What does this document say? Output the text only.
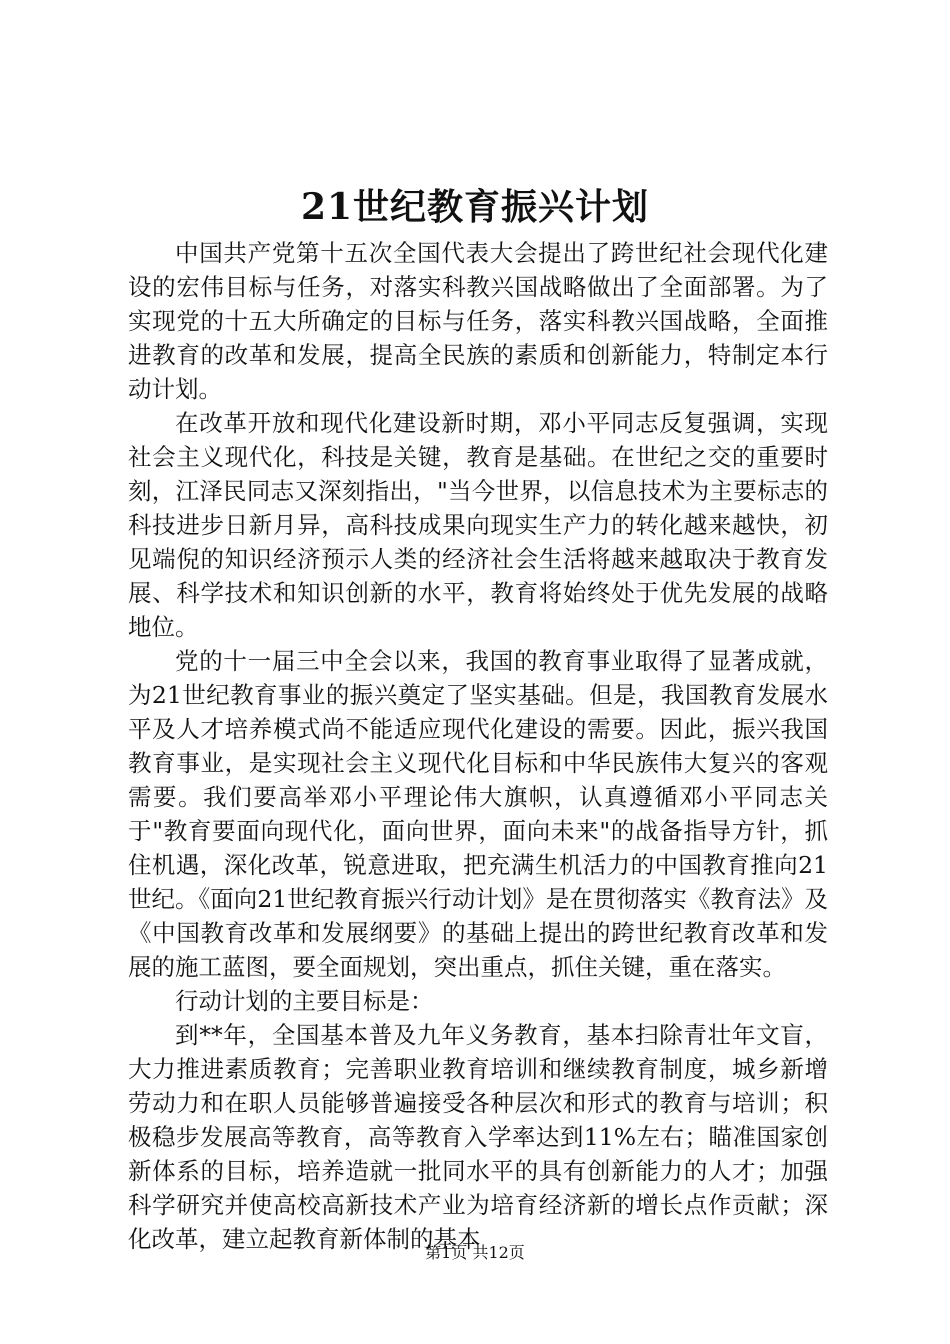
21世纪教育振兴计划

中国共产党第十五次全国代表大会提出了跨世纪社会现代化建设的宏伟目标与任务，对落实科教兴国战略做出了全面部署。为了实现党的十五大所确定的目标与任务，落实科教兴国战略，全面推进教育的改革和发展，提高全民族的素质和创新能力，特制定本行动计划。

在改革开放和现代化建设新时期，邓小平同志反复强调，实现社会主义现代化，科技是关键，教育是基础。在世纪之交的重要时刻，江泽民同志又深刻指出，"当今世界，以信息技术为主要标志的科技进步日新月异，高科技成果向现实生产力的转化越来越快，初见端倪的知识经济预示人类的经济社会生活将越来越取决于教育发展、科学技术和知识创新的水平，教育将始终处于优先发展的战略地位。

党的十一届三中全会以来，我国的教育事业取得了显著成就，为21世纪教育事业的振兴奠定了坚实基础。但是，我国教育发展水平及人才培养模式尚不能适应现代化建设的需要。因此，振兴我国教育事业，是实现社会主义现代化目标和中华民族伟大复兴的客观需要。我们要高举邓小平理论伟大旗帜，认真遵循邓小平同志关于"教育要面向现代化，面向世界，面向未来"的战备指导方针，抓住机遇，深化改革，锐意进取，把充满生机活力的中国教育推向21世纪。《面向21世纪教育振兴行动计划》是在贯彻落实《教育法》及《中国教育改革和发展纲要》的基础上提出的跨世纪教育改革和发展的施工蓝图，要全面规划，突出重点，抓住关键，重在落实。

行动计划的主要目标是：

到**年，全国基本普及九年义务教育，基本扫除青壮年文盲，大力推进素质教育；完善职业教育培训和继续教育制度，城乡新增劳动力和在职人员能够普遍接受各种层次和形式的教育与培训；积极稳步发展高等教育，高等教育入学率达到11%左右；瞄准国家创新体系的目标，培养造就一批同水平的具有创新能力的人才；加强科学研究并使高校高新技术产业为培育经济新的增长点作贡献；深化改革，建立起教育新体制的基本

第1页 共12页
